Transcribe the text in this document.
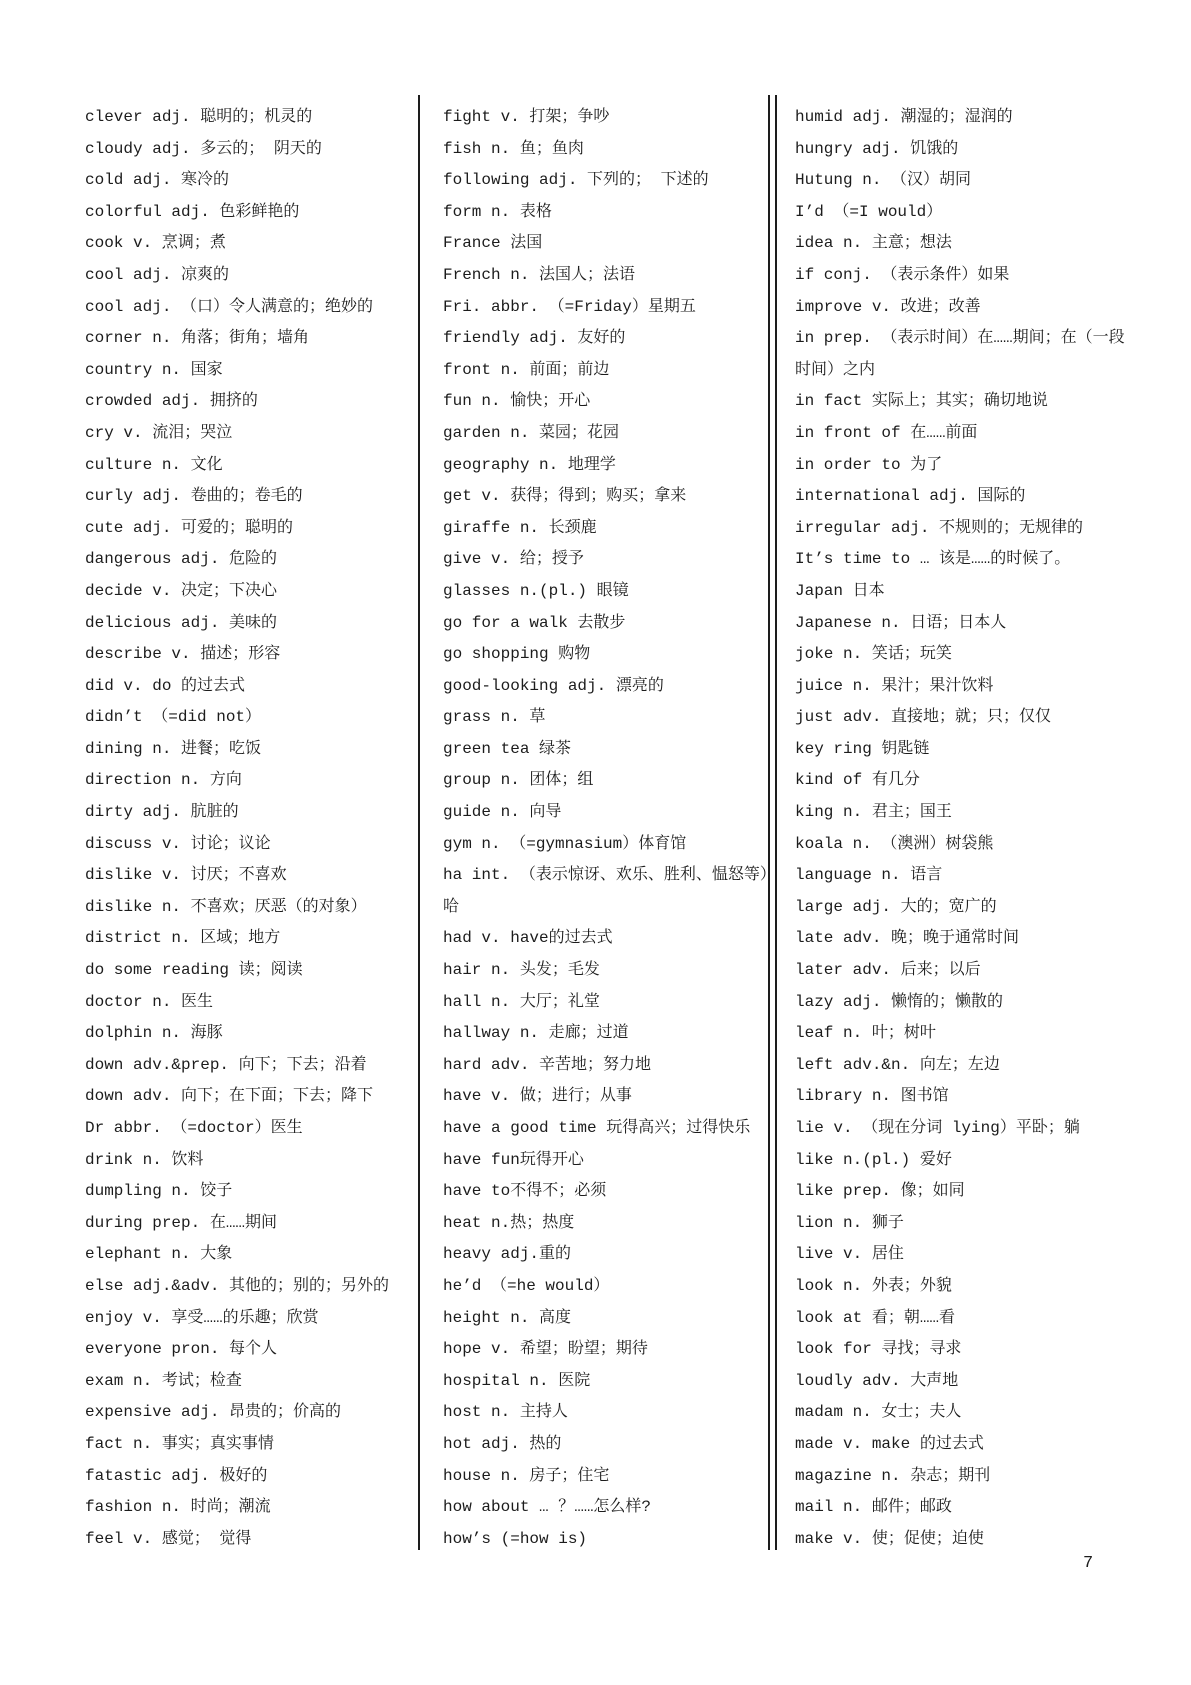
clever adj. 聪明的；机灵的
cloudy adj. 多云的； 阴天的
cold adj. 寒冷的
colorful adj. 色彩鲜艳的
cook v. 烹调；煮
cool adj. 凉爽的
cool adj. （口）令人满意的；绝妙的
corner n. 角落；街角；墙角
country n. 国家
crowded adj. 拥挤的
cry v. 流泪；哭泣
culture n. 文化
curly adj. 卷曲的；卷毛的
cute adj. 可爱的；聪明的
dangerous adj. 危险的
decide v. 决定；下决心
delicious adj. 美味的
describe v. 描述；形容
did v. do 的过去式
didn’t （=did not）
dining n. 进餐；吃饭
direction n. 方向
dirty adj. 肮脏的
discuss v. 讨论；议论
dislike v. 讨厌；不喜欢
dislike n. 不喜欢；厌恶（的对象）
district n. 区域；地方
do some reading 读；阅读
doctor n. 医生
dolphin n. 海豚
down adv.&prep. 向下；下去；沿着
down adv. 向下；在下面；下去；降下
Dr abbr. （=doctor）医生
drink n. 饮料
dumpling n. 饺子
during prep. 在……期间
elephant n. 大象
else adj.&adv. 其他的；别的；另外的
enjoy v. 享受……的乐趣；欣赏
everyone pron. 每个人
exam n. 考试；检查
expensive adj. 昂贵的；价高的
fact n. 事实；真实事情
fatastic adj. 极好的
fashion n. 时尚；潮流
feel v. 感觉； 觉得
fight v. 打架；争吵
fish n. 鱼；鱼肉
following adj. 下列的； 下述的
form n. 表格
France 法国
French n. 法国人；法语
Fri. abbr. （=Friday）星期五
friendly adj. 友好的
front n. 前面；前边
fun n. 愉快；开心
garden n. 菜园；花园
geography n. 地理学
get v. 获得；得到；购买；拿来
giraffe n. 长颈鹿
give v. 给；授予
glasses n.(pl.) 眼镜
go for a walk 去散步
go shopping 购物
good-looking adj. 漂亮的
grass n. 草
green tea 绿茶
group n. 团体；组
guide n. 向导
gym n. （=gymnasium）体育馆
ha int. （表示惊讶、欢乐、胜利、愠怒等）哈
had v. have的过去式
hair n. 头发；毛发
hall n. 大厅；礼堂
hallway n. 走廊；过道
hard adv. 辛苦地；努力地
have v. 做；进行；从事
have a good time 玩得高兴；过得快乐
have fun玩得开心
have to不得不；必须
heat n.热；热度
heavy adj.重的
he’d （=he would）
height n. 高度
hope v. 希望；盼望；期待
hospital n. 医院
host n. 主持人
hot adj. 热的
house n. 房子；住宅
how about … ？……怎么样?
how’s (=how is)
humid adj. 潮湿的；湿润的
hungry adj. 饥饿的
Hutung n. （汉）胡同
I’d （=I would）
idea n. 主意；想法
if conj. （表示条件）如果
improve v. 改进；改善
in prep. （表示时间）在……期间；在（一段时间）之内
in fact 实际上；其实；确切地说
in front of 在……前面
in order to 为了
international adj. 国际的
irregular adj. 不规则的；无规律的
It’s time to … 该是……的时候了。
Japan 日本
Japanese n. 日语；日本人
joke n. 笑话；玩笑
juice n. 果汁；果汁饮料
just adv. 直接地；就；只；仅仅
key ring 钥匙链
kind of 有几分
king n. 君主；国王
koala n. （澳洲）树袋熊
language n. 语言
large adj. 大的；宽广的
late adv. 晚；晚于通常时间
later adv. 后来；以后
lazy adj. 懒惰的；懒散的
leaf n. 叶；树叶
left adv.&n. 向左；左边
library n. 图书馆
lie v. （现在分词 lying）平卧；躺
like n.(pl.) 爱好
like prep. 像；如同
lion n. 狮子
live v. 居住
look n. 外表；外貌
look at 看；朝……看
look for 寻找；寻求
loudly adv. 大声地
madam n. 女士；夫人
made v. make 的过去式
magazine n. 杂志；期刊
mail n. 邮件；邮政
make v. 使；促使；迫使
7
